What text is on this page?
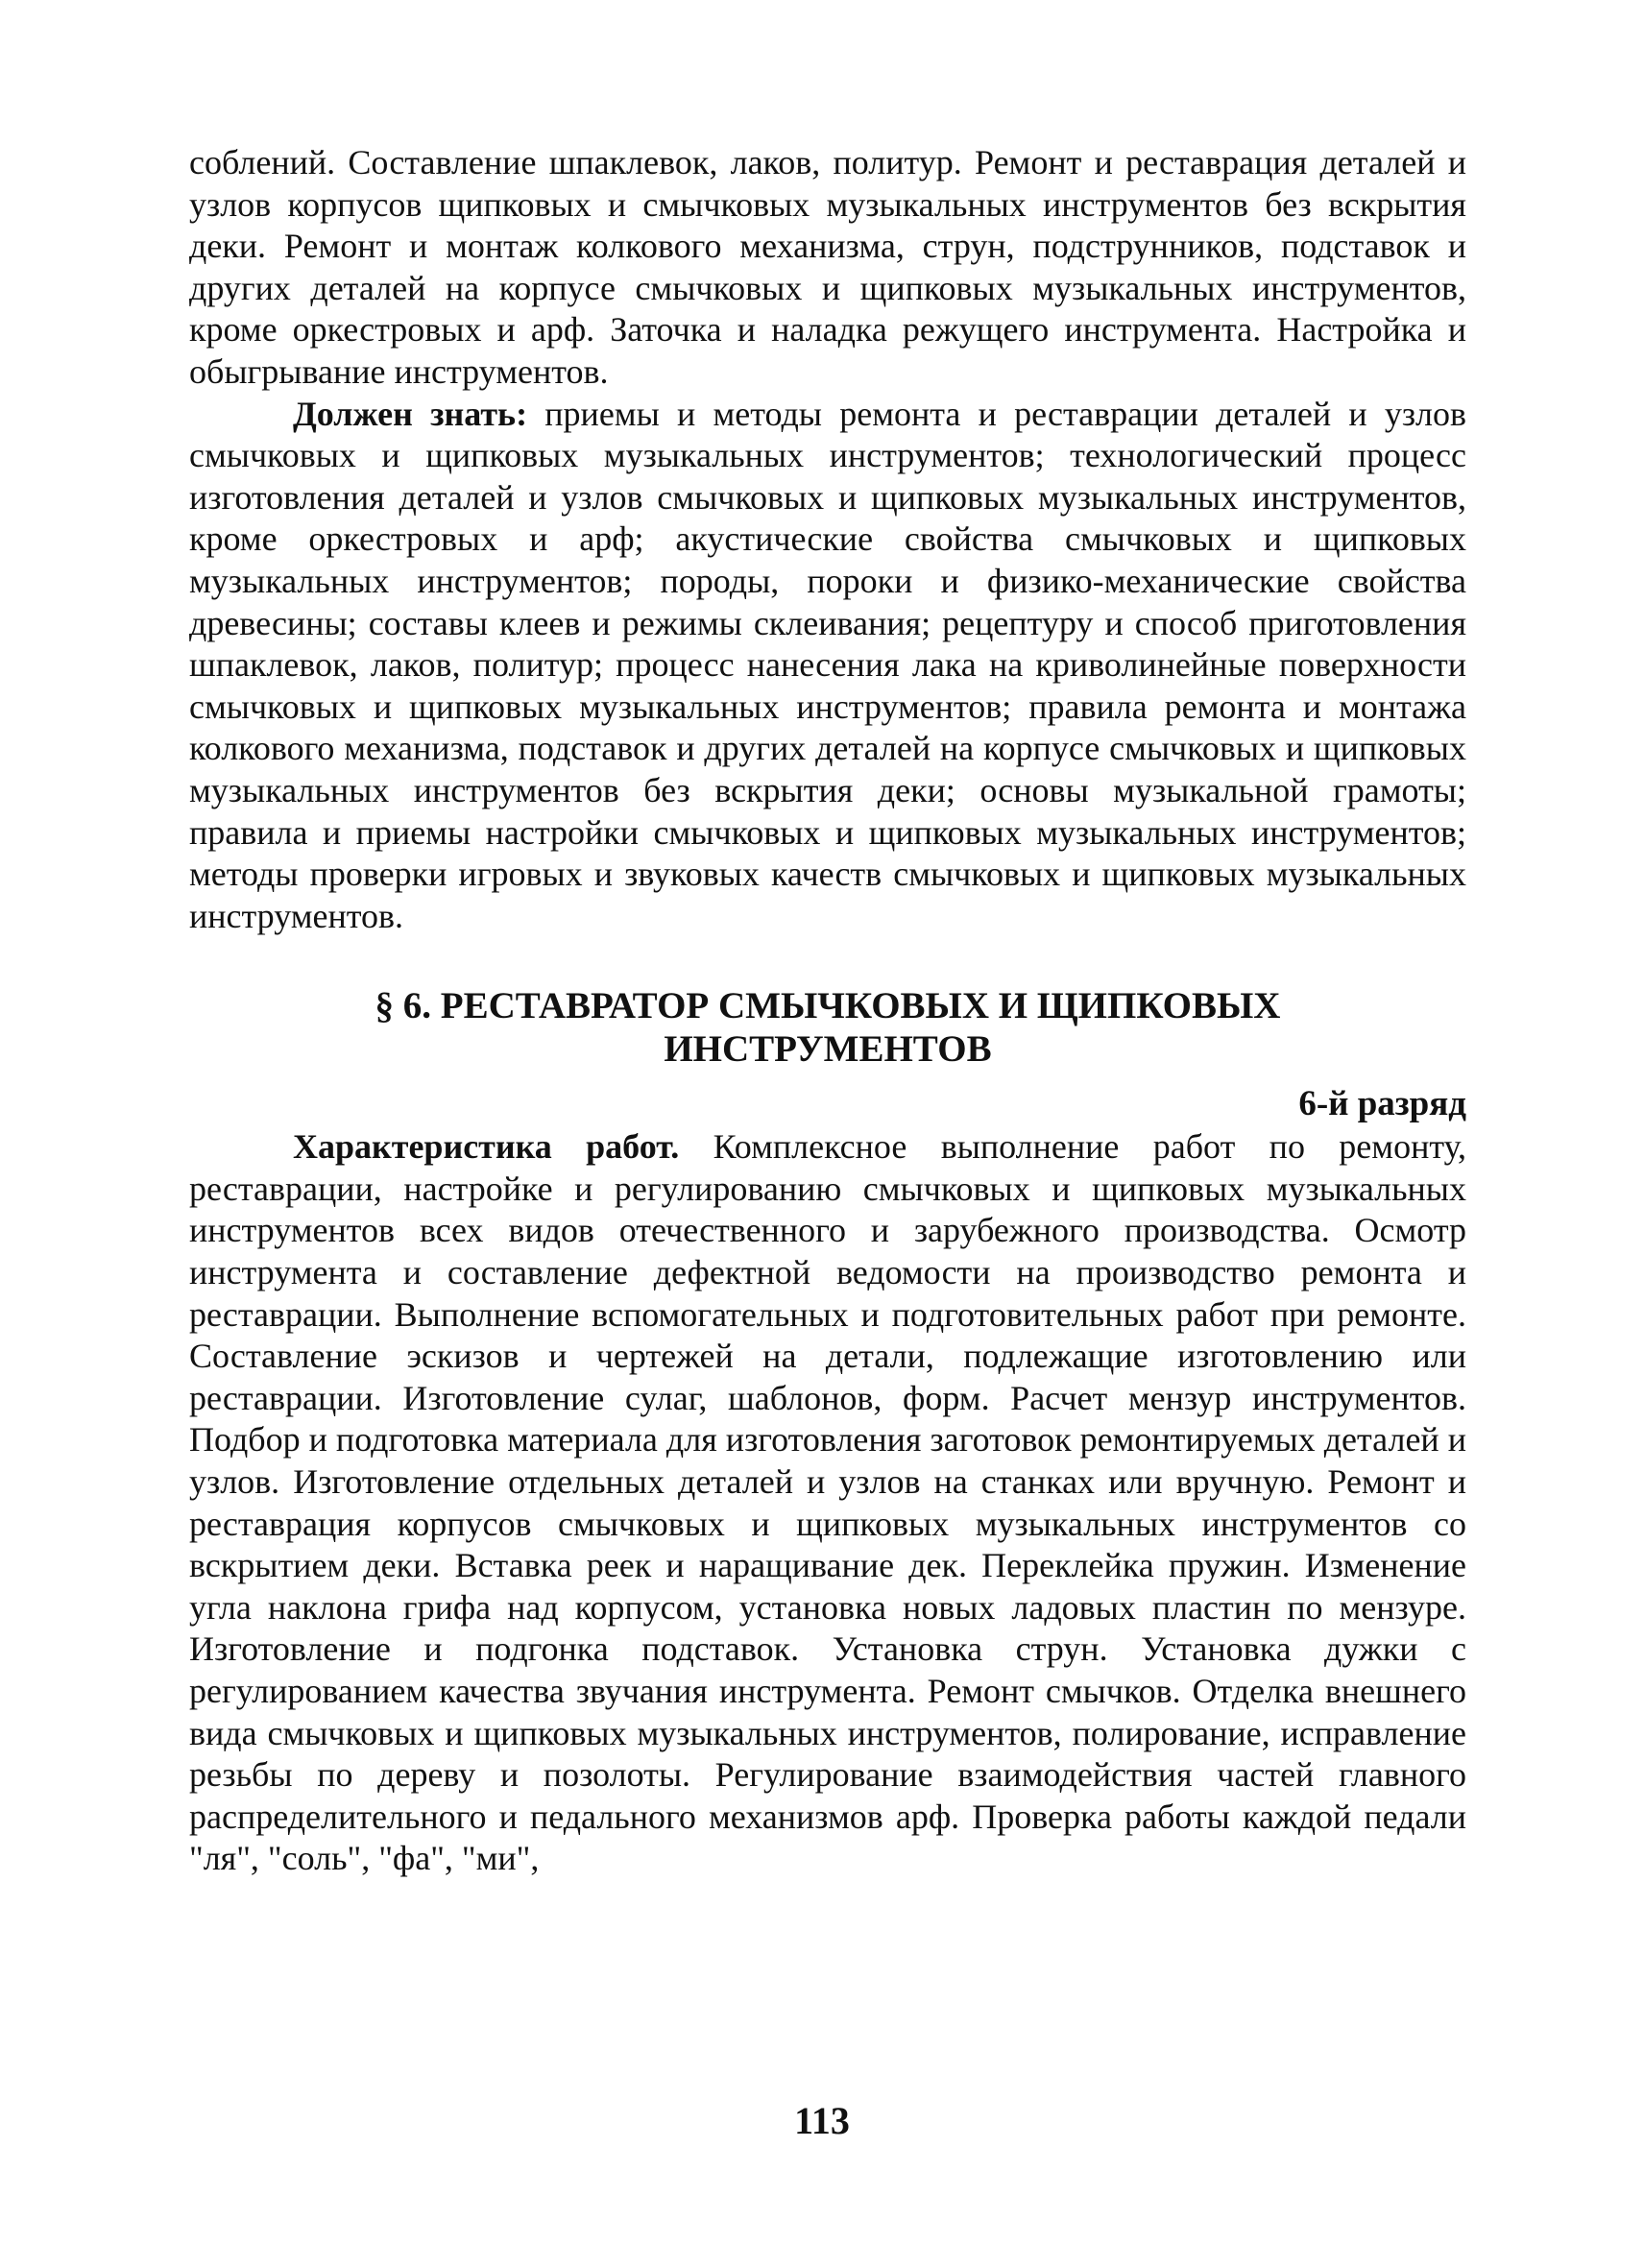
соблений. Составление шпаклевок, лаков, политур. Ремонт и реставрация деталей и узлов корпусов щипковых и смычковых музыкальных инструментов без вскрытия деки. Ремонт и монтаж колкового механизма, струн, подструнников, подставок и других деталей на корпусе смычковых и щипковых музыкальных инструментов, кроме оркестровых и арф. Заточка и наладка режущего инструмента. Настройка и обыгрывание инструментов.

Должен знать: приемы и методы ремонта и реставрации деталей и узлов смычковых и щипковых музыкальных инструментов; технологический процесс изготовления деталей и узлов смычковых и щипковых музыкальных инструментов, кроме оркестровых и арф; акустические свойства смычковых и щипковых музыкальных инструментов; породы, пороки и физико-механические свойства древесины; составы клеев и режимы склеивания; рецептуру и способ приготовления шпаклевок, лаков, политур; процесс нанесения лака на криволинейные поверхности смычковых и щипковых музыкальных инструментов; правила ремонта и монтажа колкового механизма, подставок и других деталей на корпусе смычковых и щипковых музыкальных инструментов без вскрытия деки; основы музыкальной грамоты; правила и приемы настройки смычковых и щипковых музыкальных инструментов; методы проверки игровых и звуковых качеств смычковых и щипковых музыкальных инструментов.

§ 6. РЕСТАВРАТОР СМЫЧКОВЫХ И ЩИПКОВЫХ
ИНСТРУМЕНТОВ
6-й разряд

Характеристика работ. Комплексное выполнение работ по ремонту, реставрации, настройке и регулированию смычковых и щипковых музыкальных инструментов всех видов отечественного и зарубежного производства. Осмотр инструмента и составление дефектной ведомости на производство ремонта и реставрации. Выполнение вспомогательных и подготовительных работ при ремонте. Составление эскизов и чертежей на детали, подлежащие изготовлению или реставрации. Изготовление сулаг, шаблонов, форм. Расчет мензур инструментов. Подбор и подготовка материала для изготовления заготовок ремонтируемых деталей и узлов. Изготовление отдельных деталей и узлов на станках или вручную. Ремонт и реставрация корпусов смычковых и щипковых музыкальных инструментов со вскрытием деки. Вставка реек и наращивание дек. Переклейка пружин. Изменение угла наклона грифа над корпусом, установка новых ладовых пластин по мензуре. Изготовление и подгонка подставок. Установка струн. Установка дужки с регулированием качества звучания инструмента. Ремонт смычков. Отделка внешнего вида смычковых и щипковых музыкальных инструментов, полирование, исправление резьбы по дереву и позолоты. Регулирование взаимодействия частей главного распределительного и педального механизмов арф. Проверка работы каждой педали "ля", "соль", "фа", "ми",

113
